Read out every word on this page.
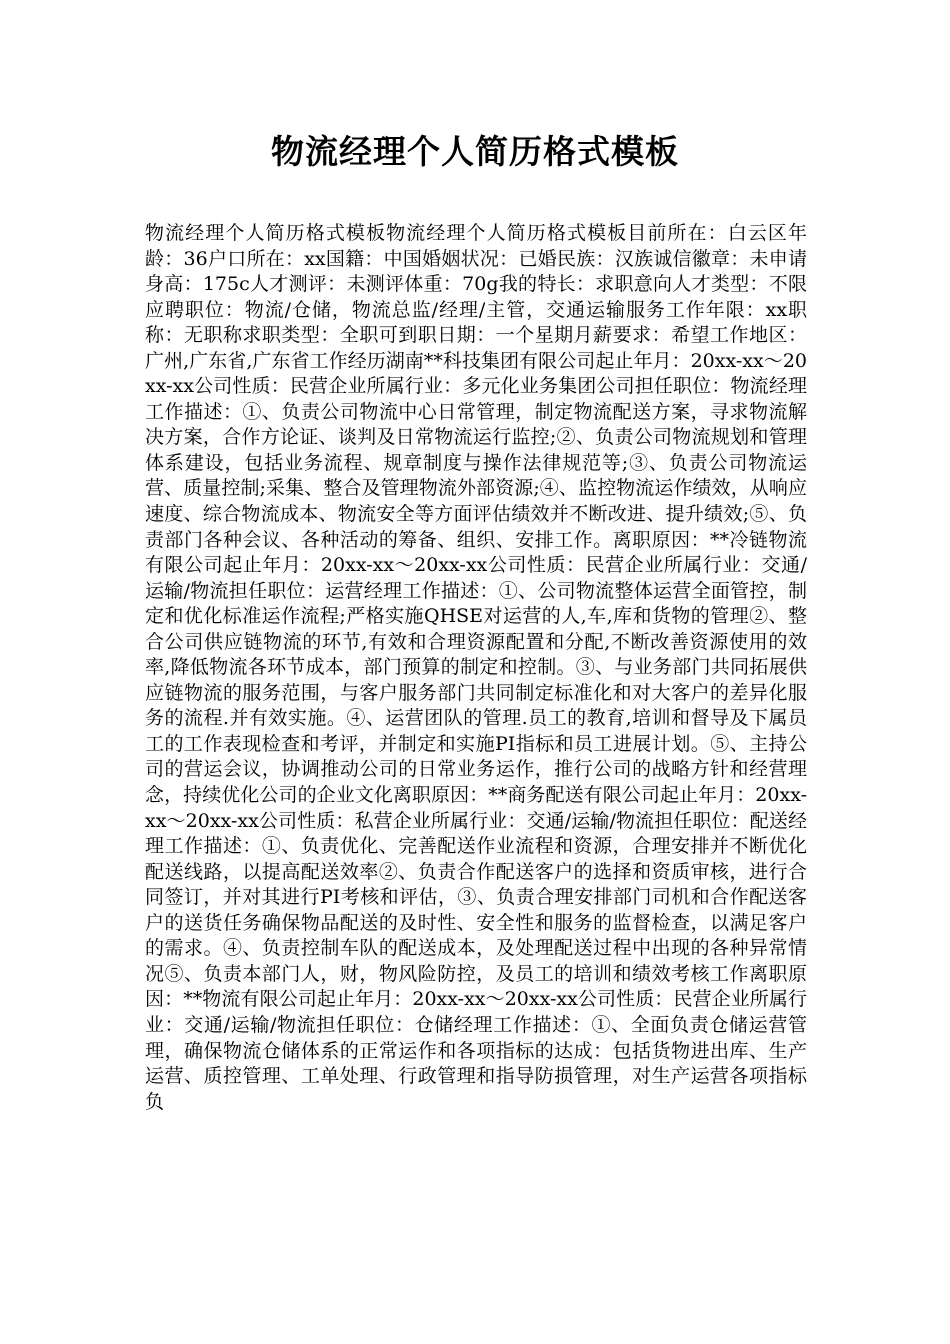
物流经理个人简历格式模板

物流经理个人简历格式模板物流经理个人简历格式模板目前所在：白云区年龄：36户口所在：xx国籍：中国婚姻状况：已婚民族：汉族诚信徽章：未申请身高：175c人才测评：未测评体重：70g我的特长：求职意向人才类型：不限应聘职位：物流/仓储，物流总监/经理/主管，交通运输服务工作年限：xx职称：无职称求职类型：全职可到职日期：一个星期月薪要求：希望工作地区：广州,广东省,广东省工作经历湖南**科技集团有限公司起止年月：20xx-xx～20xx-xx公司性质：民营企业所属行业：多元化业务集团公司担任职位：物流经理工作描述：①、负责公司物流中心日常管理，制定物流配送方案，寻求物流解决方案，合作方论证、谈判及日常物流运行监控;②、负责公司物流规划和管理体系建设，包括业务流程、规章制度与操作法律规范等;③、负责公司物流运营、质量控制;采集、整合及管理物流外部资源;④、监控物流运作绩效，从响应速度、综合物流成本、物流安全等方面评估绩效并不断改进、提升绩效;⑤、负责部门各种会议、各种活动的筹备、组织、安排工作。离职原因：**冷链物流有限公司起止年月：20xx-xx～20xx-xx公司性质：民营企业所属行业：交通/运输/物流担任职位：运营经理工作描述：①、公司物流整体运营全面管控，制定和优化标准运作流程;严格实施QHSE对运营的人,车,库和货物的管理②、整合公司供应链物流的环节,有效和合理资源配置和分配,不断改善资源使用的效率,降低物流各环节成本，部门预算的制定和控制。③、与业务部门共同拓展供应链物流的服务范围，与客户服务部门共同制定标准化和对大客户的差异化服务的流程.并有效实施。④、运营团队的管理.员工的教育,培训和督导及下属员工的工作表现检查和考评，并制定和实施PI指标和员工进展计划。⑤、主持公司的营运会议，协调推动公司的日常业务运作，推行公司的战略方针和经营理念，持续优化公司的企业文化离职原因：**商务配送有限公司起止年月：20xx-xx～20xx-xx公司性质：私营企业所属行业：交通/运输/物流担任职位：配送经理工作描述：①、负责优化、完善配送作业流程和资源，合理安排并不断优化配送线路，以提高配送效率②、负责合作配送客户的选择和资质审核，进行合同签订，并对其进行PI考核和评估，③、负责合理安排部门司机和合作配送客户的送货任务确保物品配送的及时性、安全性和服务的监督检查，以满足客户的需求。④、负责控制车队的配送成本，及处理配送过程中出现的各种异常情况⑤、负责本部门人，财，物风险防控，及员工的培训和绩效考核工作离职原因：**物流有限公司起止年月：20xx-xx～20xx-xx公司性质：民营企业所属行业：交通/运输/物流担任职位：仓储经理工作描述：①、全面负责仓储运营管理，确保物流仓储体系的正常运作和各项指标的达成：包括货物进出库、生产运营、质控管理、工单处理、行政管理和指导防损管理，对生产运营各项指标负
